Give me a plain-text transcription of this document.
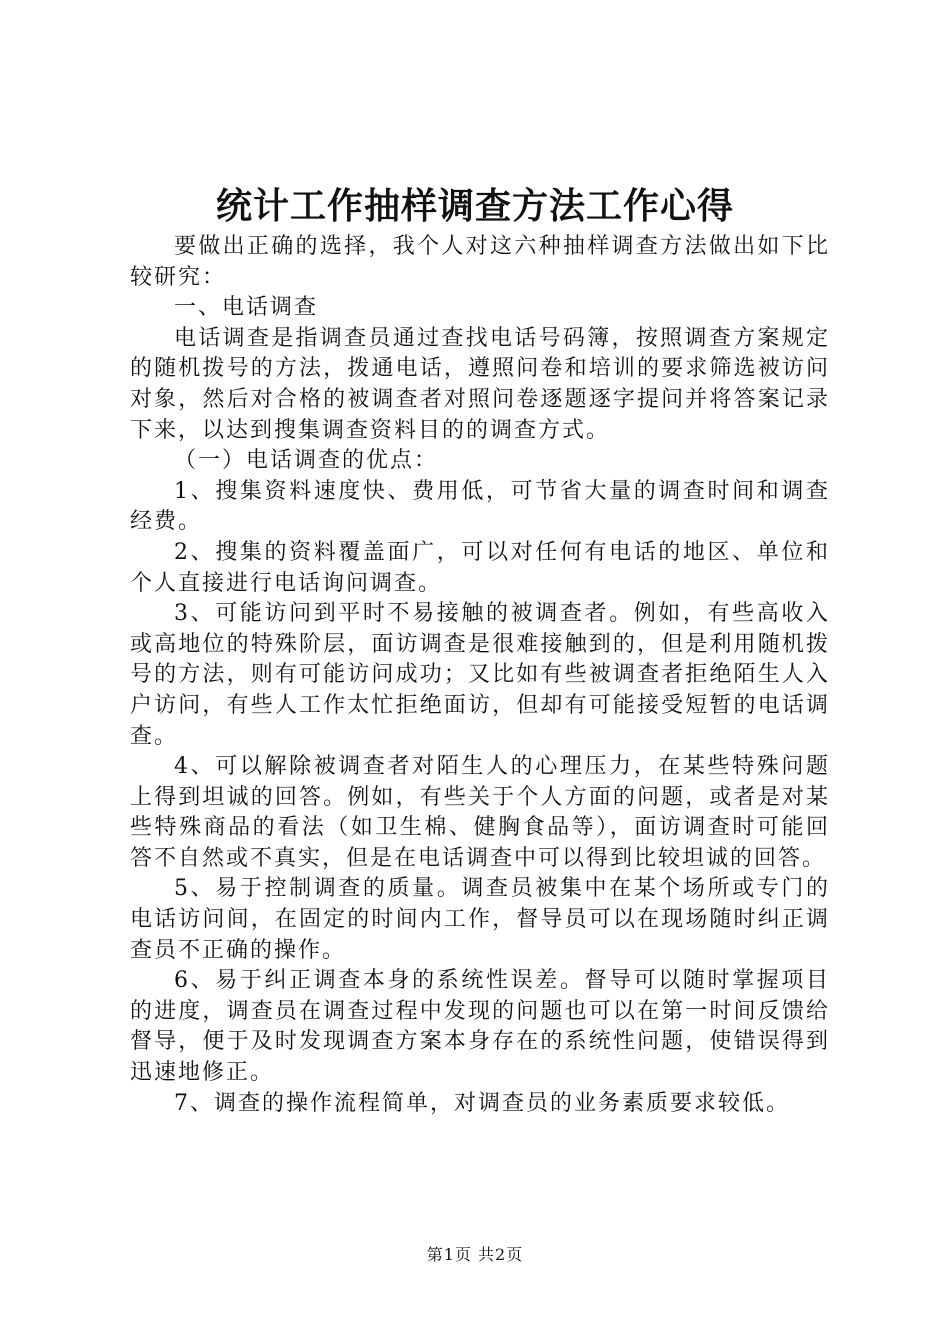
统计工作抽样调查方法工作心得

要做出正确的选择，我个人对这六种抽样调查方法做出如下比较研究：

一、电话调查

电话调查是指调查员通过查找电话号码簿，按照调查方案规定的随机拨号的方法，拨通电话，遵照问卷和培训的要求筛选被访问对象，然后对合格的被调查者对照问卷逐题逐字提问并将答案记录下来，以达到搜集调查资料目的的调查方式。

（一）电话调查的优点：

1、搜集资料速度快、费用低，可节省大量的调查时间和调查经费。

2、搜集的资料覆盖面广，可以对任何有电话的地区、单位和个人直接进行电话询问调查。

3、可能访问到平时不易接触的被调查者。例如，有些高收入或高地位的特殊阶层，面访调查是很难接触到的，但是利用随机拨号的方法，则有可能访问成功；又比如有些被调查者拒绝陌生人入户访问，有些人工作太忙拒绝面访，但却有可能接受短暂的电话调查。

4、可以解除被调查者对陌生人的心理压力，在某些特殊问题上得到坦诚的回答。例如，有些关于个人方面的问题，或者是对某些特殊商品的看法（如卫生棉、健胸食品等），面访调查时可能回答不自然或不真实，但是在电话调查中可以得到比较坦诚的回答。

5、易于控制调查的质量。调查员被集中在某个场所或专门的电话访问间，在固定的时间内工作，督导员可以在现场随时纠正调查员不正确的操作。

6、易于纠正调查本身的系统性误差。督导可以随时掌握项目的进度，调查员在调查过程中发现的问题也可以在第一时间反馈给督导，便于及时发现调查方案本身存在的系统性问题，使错误得到迅速地修正。

7、调查的操作流程简单，对调查员的业务素质要求较低。

第1页 共2页
